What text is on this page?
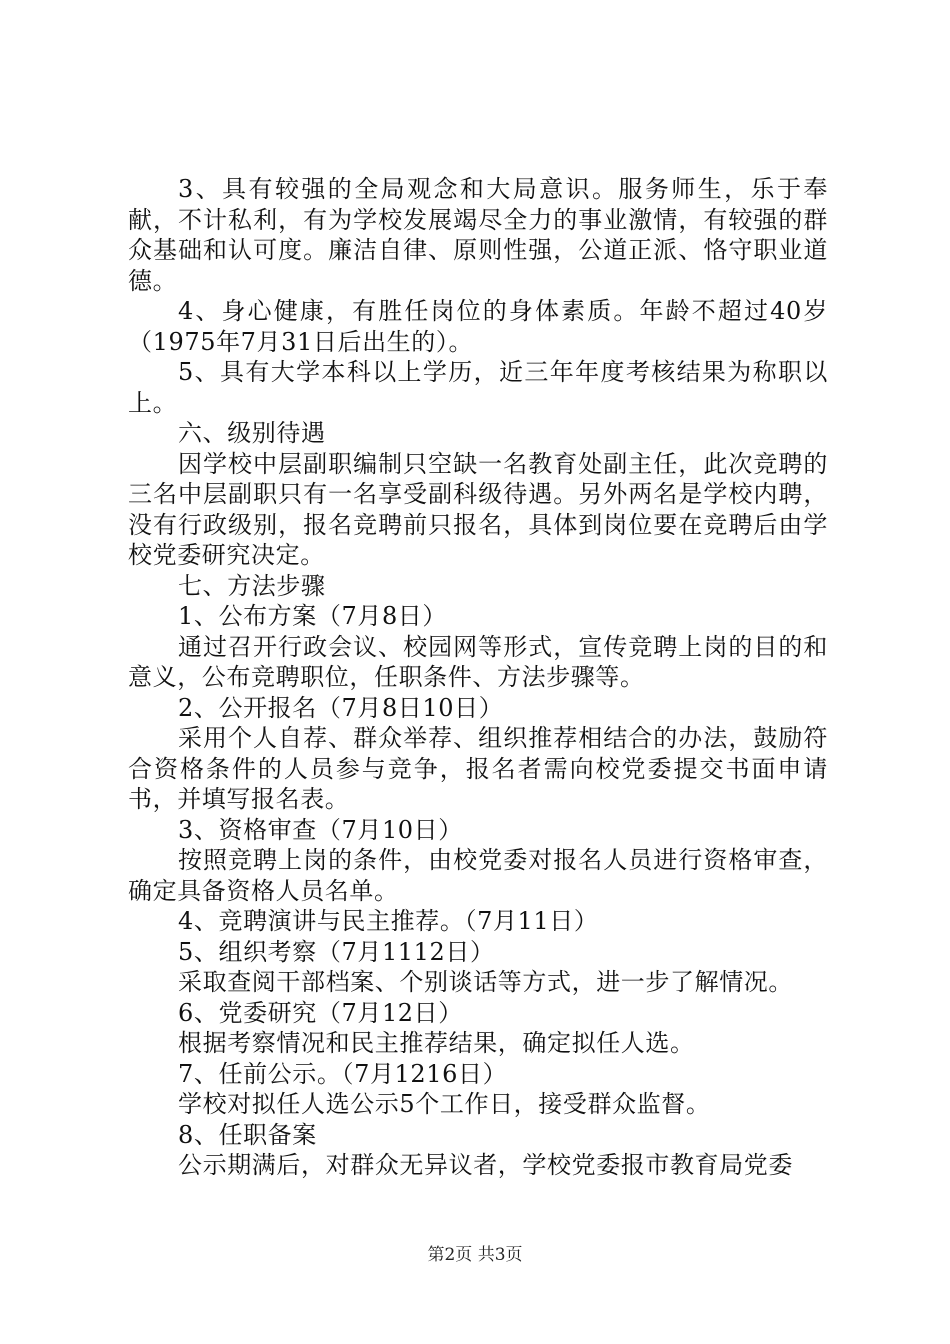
3、具有较强的全局观念和大局意识。服务师生，乐于奉献，不计私利，有为学校发展竭尽全力的事业激情，有较强的群众基础和认可度。廉洁自律、原则性强，公道正派、恪守职业道德。

4、身心健康，有胜任岗位的身体素质。年龄不超过40岁（1975年7月31日后出生的）。

5、具有大学本科以上学历，近三年年度考核结果为称职以上。

六、级别待遇

因学校中层副职编制只空缺一名教育处副主任，此次竞聘的三名中层副职只有一名享受副科级待遇。另外两名是学校内聘，没有行政级别，报名竞聘前只报名，具体到岗位要在竞聘后由学校党委研究决定。

七、方法步骤

1、公布方案（7月8日）

通过召开行政会议、校园网等形式，宣传竞聘上岗的目的和意义，公布竞聘职位，任职条件、方法步骤等。

2、公开报名（7月8日10日）

采用个人自荐、群众举荐、组织推荐相结合的办法，鼓励符合资格条件的人员参与竞争，报名者需向校党委提交书面申请书，并填写报名表。

3、资格审查（7月10日）

按照竞聘上岗的条件，由校党委对报名人员进行资格审查，确定具备资格人员名单。

4、竞聘演讲与民主推荐。（7月11日）

5、组织考察（7月1112日）

采取查阅干部档案、个别谈话等方式，进一步了解情况。

6、党委研究（7月12日）

根据考察情况和民主推荐结果，确定拟任人选。

7、任前公示。（7月1216日）

学校对拟任人选公示5个工作日，接受群众监督。

8、任职备案

公示期满后，对群众无异议者，学校党委报市教育局党委

第2页 共3页
